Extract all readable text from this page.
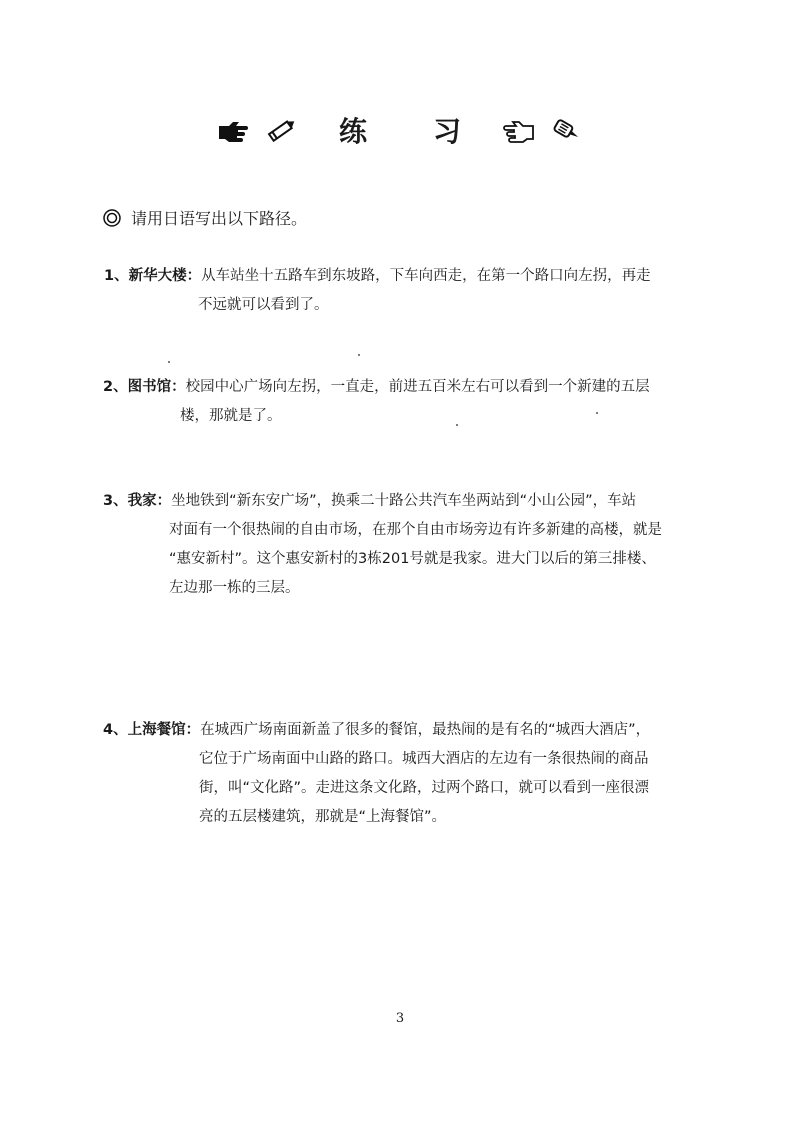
练 习
请用日语写出以下路径。
1、新华大楼：从车站坐十五路车到东坡路，下车向西走，在第一个路口向左拐，再走
不远就可以看到了。
2、图书馆：校园中心广场向左拐，一直走，前进五百米左右可以看到一个新建的五层
楼，那就是了。
3、我家：坐地铁到“新东安广场”，换乘二十路公共汽车坐两站到“小山公园”，车站
对面有一个很热闹的自由市场，在那个自由市场旁边有许多新建的高楼，就是
“惠安新村”。这个惠安新村的3栋201号就是我家。进大门以后的第三排楼、
左边那一栋的三层。
4、上海餐馆：在城西广场南面新盖了很多的餐馆，最热闹的是有名的“城西大酒店”，
它位于广场南面中山路的路口。城西大酒店的左边有一条很热闹的商品
街，叫“文化路”。走进这条文化路，过两个路口，就可以看到一座很漂
亮的五层楼建筑，那就是“上海餐馆”。
3
